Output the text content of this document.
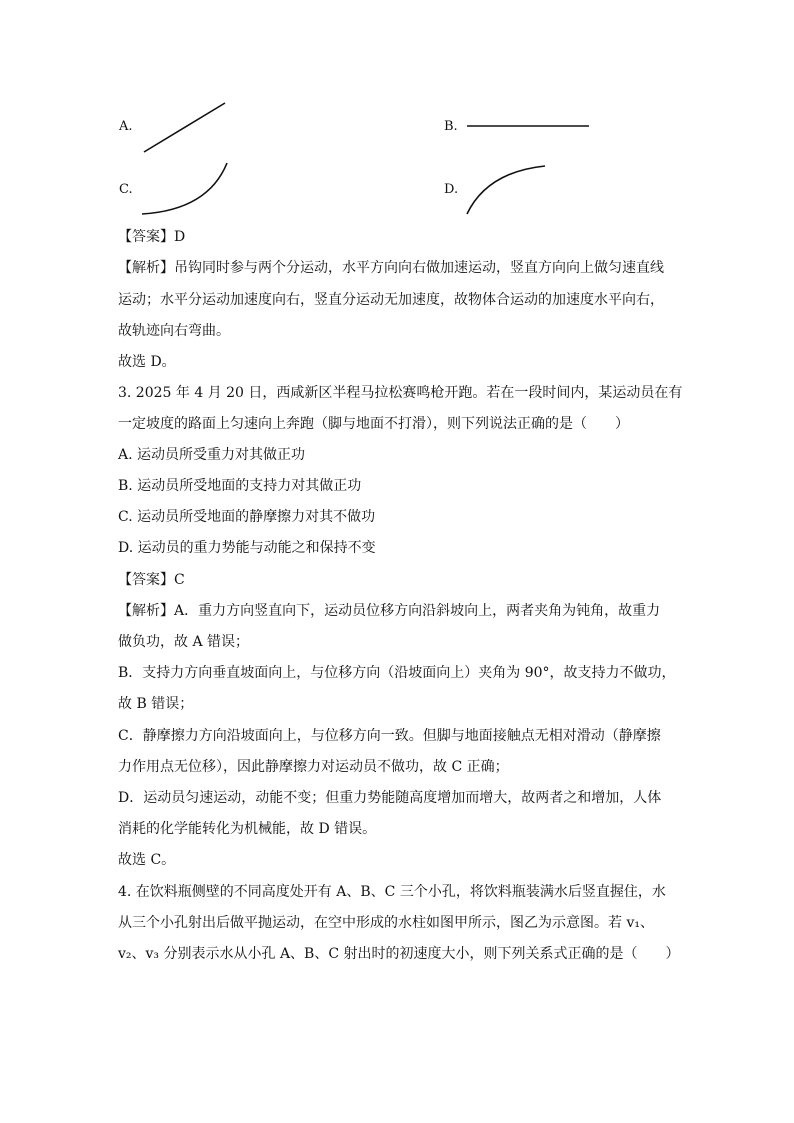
A.	B.
C.	D.
【答案】D
【解析】吊钩同时参与两个分运动，水平方向向右做加速运动，竖直方向向上做匀速直线
运动；水平分运动加速度向右，竖直分运动无加速度，故物体合运动的加速度水平向右，
故轨迹向右弯曲。
故选 D。
3. 2025 年 4 月 20 日，西咸新区半程马拉松赛鸣枪开跑。若在一段时间内，某运动员在有
一定坡度的路面上匀速向上奔跑（脚与地面不打滑），则下列说法正确的是（　　）
A. 运动员所受重力对其做正功
B. 运动员所受地面的支持力对其做正功
C. 运动员所受地面的静摩擦力对其不做功
D. 运动员的重力势能与动能之和保持不变
【答案】C
【解析】A．重力方向竖直向下，运动员位移方向沿斜坡向上，两者夹角为钝角，故重力
做负功，故 A 错误；
B．支持力方向垂直坡面向上，与位移方向（沿坡面向上）夹角为 90°，故支持力不做功，
故 B 错误；
C．静摩擦力方向沿坡面向上，与位移方向一致。但脚与地面接触点无相对滑动（静摩擦
力作用点无位移），因此静摩擦力对运动员不做功，故 C 正确；
D．运动员匀速运动，动能不变；但重力势能随高度增加而增大，故两者之和增加，人体
消耗的化学能转化为机械能，故 D 错误。
故选 C。
4. 在饮料瓶侧壁的不同高度处开有 A、B、C 三个小孔，将饮料瓶装满水后竖直握住，水
从三个小孔射出后做平抛运动，在空中形成的水柱如图甲所示，图乙为示意图。若 v₁、
v₂、v₃ 分别表示水从小孔 A、B、C 射出时的初速度大小，则下列关系式正确的是（　　）
